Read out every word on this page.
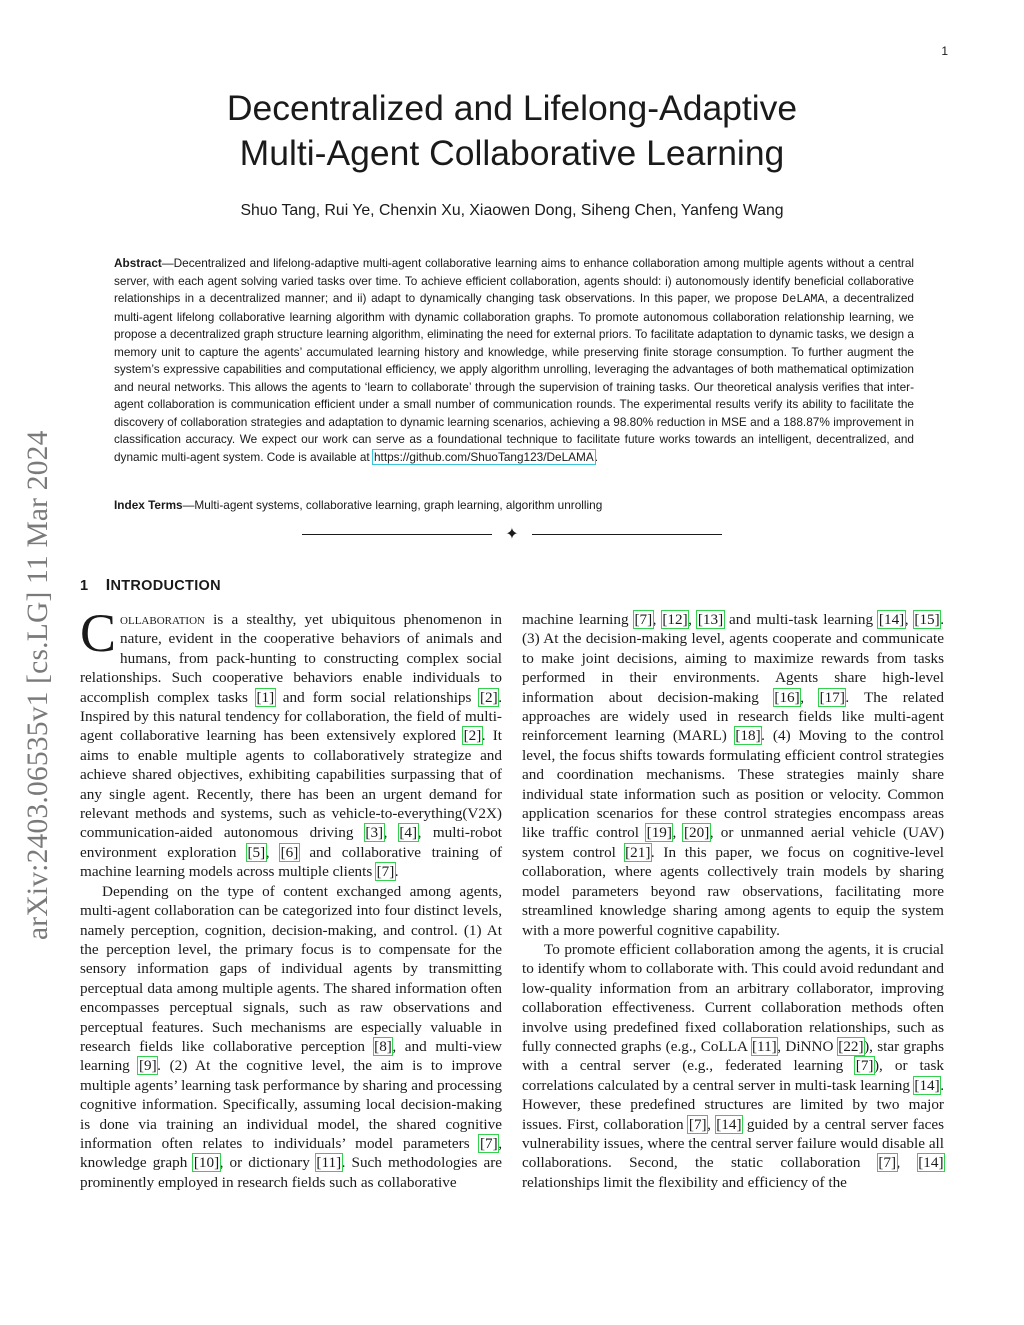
1
arXiv:2403.06535v1 [cs.LG] 11 Mar 2024
Decentralized and Lifelong-Adaptive
Multi-Agent Collaborative Learning
Shuo Tang, Rui Ye, Chenxin Xu, Xiaowen Dong, Siheng Chen, Yanfeng Wang

Abstract—Decentralized and lifelong-adaptive multi-agent collaborative learning aims to enhance collaboration among multiple agents without a central server, with each agent solving varied tasks over time. To achieve efficient collaboration, agents should: i) autonomously identify beneficial collaborative relationships in a decentralized manner; and ii) adapt to dynamically changing task observations. In this paper, we propose DeLAMA, a decentralized multi-agent lifelong collaborative learning algorithm with dynamic collaboration graphs. To promote autonomous collaboration relationship learning, we propose a decentralized graph structure learning algorithm, eliminating the need for external priors. To facilitate adaptation to dynamic tasks, we design a memory unit to capture the agents’ accumulated learning history and knowledge, while preserving finite storage consumption. To further augment the system’s expressive capabilities and computational efficiency, we apply algorithm unrolling, leveraging the advantages of both mathematical optimization and neural networks. This allows the agents to ‘learn to collaborate’ through the supervision of training tasks. Our theoretical analysis verifies that inter-agent collaboration is communication efficient under a small number of communication rounds. The experimental results verify its ability to facilitate the discovery of collaboration strategies and adaptation to dynamic learning scenarios, achieving a 98.80% reduction in MSE and a 188.87% improvement in classification accuracy. We expect our work can serve as a foundational technique to facilitate future works towards an intelligent, decentralized, and dynamic multi-agent system. Code is available at https://github.com/ShuoTang123/DeLAMA.

Index Terms—Multi-agent systems, collaborative learning, graph learning, algorithm unrolling

✦
1 INTRODUCTION

Collaboration is a stealthy, yet ubiquitous phenomenon in nature, evident in the cooperative behaviors of animals and humans, from pack-hunting to constructing complex social relationships. Such cooperative behaviors enable individuals to accomplish complex tasks [1] and form social relationships [2]. Inspired by this natural tendency for collaboration, the field of multi-agent collaborative learning has been extensively explored [2]. It aims to enable multiple agents to collaboratively strategize and achieve shared objectives, exhibiting capabilities surpassing that of any single agent. Recently, there has been an urgent demand for relevant methods and systems, such as vehicle-to-everything(V2X) communication-aided autonomous driving [3], [4], multi-robot environment exploration [5], [6] and collaborative training of machine learning models across multiple clients [7].

Depending on the type of content exchanged among agents, multi-agent collaboration can be categorized into four distinct levels, namely perception, cognition, decision-making, and control. (1) At the perception level, the primary focus is to compensate for the sensory information gaps of individual agents by transmitting perceptual data among multiple agents. The shared information often encompasses perceptual signals, such as raw observations and perceptual features. Such mechanisms are especially valuable in research fields like collaborative perception [8], and multi-view learning [9]. (2) At the cognitive level, the aim is to improve multiple agents’ learning task performance by sharing and processing cognitive information. Specifically, assuming local decision-making is done via training an individual model, the shared cognitive information often relates to individuals’ model parameters [7], knowledge graph [10], or dictionary [11]. Such methodologies are prominently employed in research fields such as collaborative

machine learning [7], [12], [13] and multi-task learning [14], [15]. (3) At the decision-making level, agents cooperate and communicate to make joint decisions, aiming to maximize rewards from tasks performed in their environments. Agents share high-level information about decision-making [16], [17]. The related approaches are widely used in research fields like multi-agent reinforcement learning (MARL) [18]. (4) Moving to the control level, the focus shifts towards formulating efficient control strategies and coordination mechanisms. These strategies mainly share individual state information such as position or velocity. Common application scenarios for these control strategies encompass areas like traffic control [19], [20], or unmanned aerial vehicle (UAV) system control [21]. In this paper, we focus on cognitive-level collaboration, where agents collectively train models by sharing model parameters beyond raw observations, facilitating more streamlined knowledge sharing among agents to equip the system with a more powerful cognitive capability.

To promote efficient collaboration among the agents, it is crucial to identify whom to collaborate with. This could avoid redundant and low-quality information from an arbitrary collaborator, improving collaboration effectiveness. Current collaboration methods often involve using predefined fixed collaboration relationships, such as fully connected graphs (e.g., CoLLA [11], DiNNO [22]), star graphs with a central server (e.g., federated learning [7]), or task correlations calculated by a central server in multi-task learning [14]. However, these predefined structures are limited by two major issues. First, collaboration [7], [14] guided by a central server faces vulnerability issues, where the central server failure would disable all collaborations. Second, the static collaboration [7], [14] relationships limit the flexibility and efficiency of the
